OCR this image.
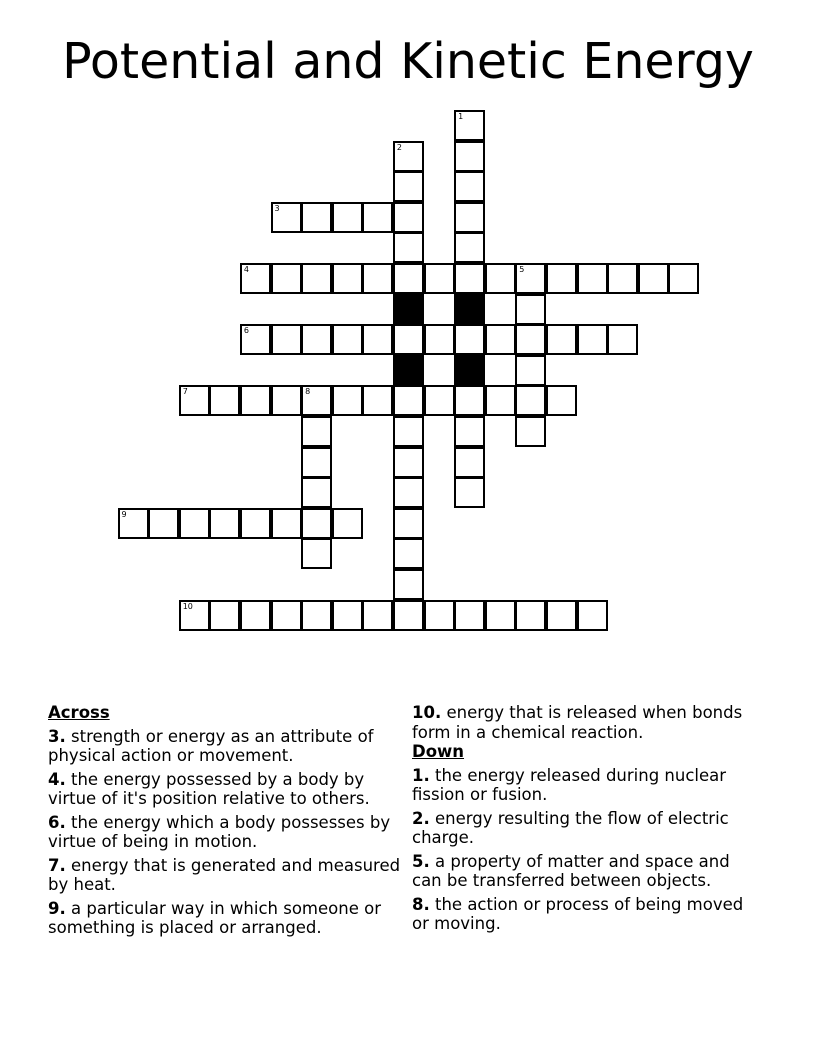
Potential and Kinetic Energy
3
4	5
6
7	8
9
10
1
2
Across
3. strength or energy as an attribute of physical action or movement.
4. the energy possessed by a body by virtue of it's position relative to others.
6. the energy which a body possesses by virtue of being in motion.
7. energy that is generated and measured by heat.
9. a particular way in which someone or something is placed or arranged.
10. energy that is released when bonds form in a chemical reaction.
Down
1. the energy released during nuclear fission or fusion.
2. energy resulting the flow of electric charge.
5. a property of matter and space and can be transferred between objects.
8. the action or process of being moved or moving.
